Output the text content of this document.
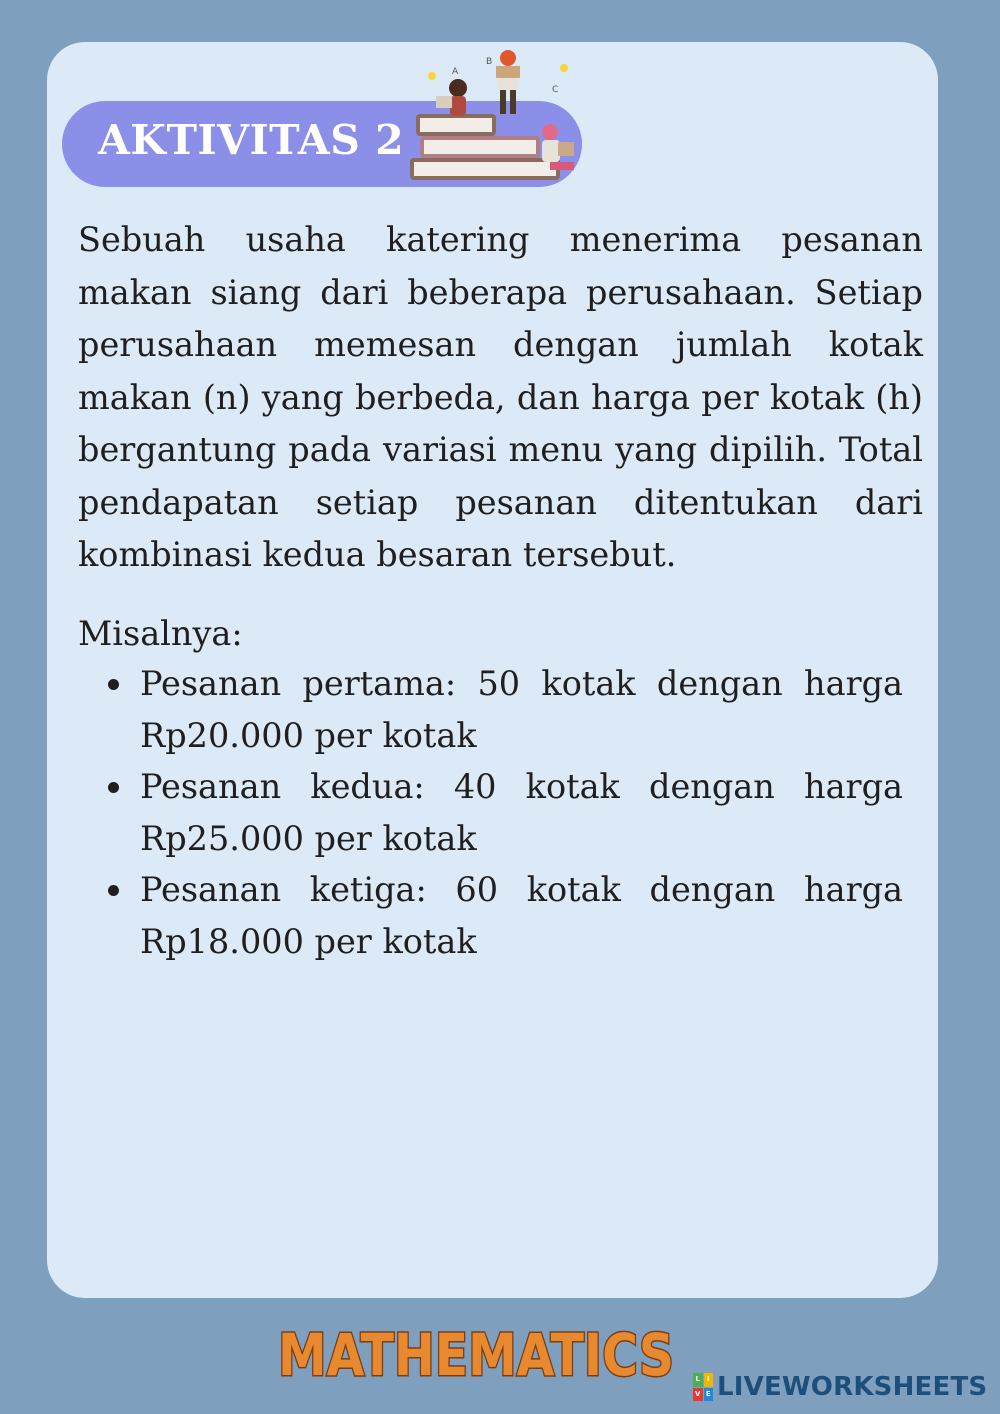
AKTIVITAS 2
A
B
C

Sebuah usaha katering menerima pesanan makan siang dari beberapa perusahaan. Setiap perusahaan memesan dengan jumlah kotak makan (n) yang berbeda, dan harga per kotak (h) bergantung pada variasi menu yang dipilih. Total pendapatan setiap pesanan ditentukan dari kombinasi kedua besaran tersebut.

Misalnya:

Pesanan pertama: 50 kotak dengan harga Rp20.000 per kotak
Pesanan kedua: 40 kotak dengan harga Rp25.000 per kotak
Pesanan ketiga: 60 kotak dengan harga Rp18.000 per kotak
MATHEMATICS	L I
V E LIVEWORKSHEETS
